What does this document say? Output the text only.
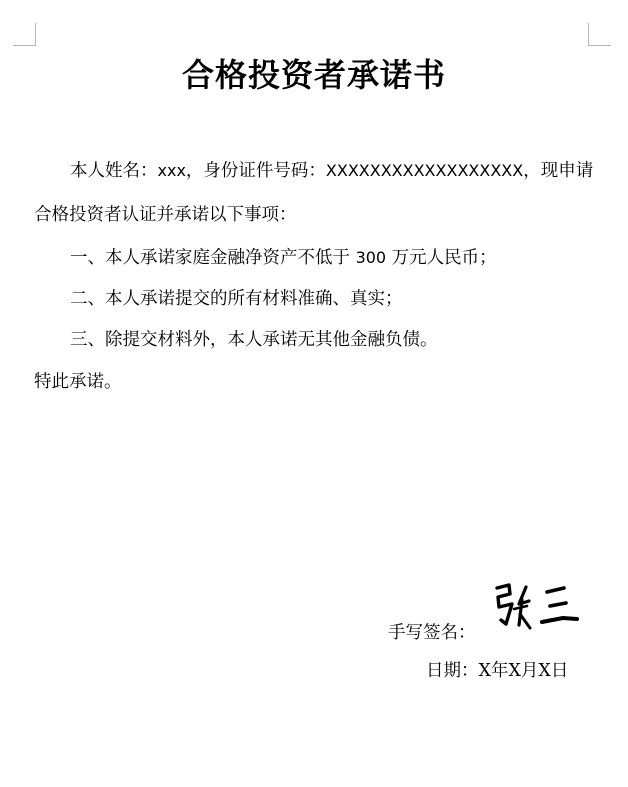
合格投资者承诺书
本人姓名：xxx，身份证件号码：XXXXXXXXXXXXXXXXXX，现申请
合格投资者认证并承诺以下事项：
一、本人承诺家庭金融净资产不低于 300 万元人民币；
二、本人承诺提交的所有材料准确、真实；
三、除提交材料外，本人承诺无其他金融负债。
特此承诺。
手写签名：
日期：X年X月X日
